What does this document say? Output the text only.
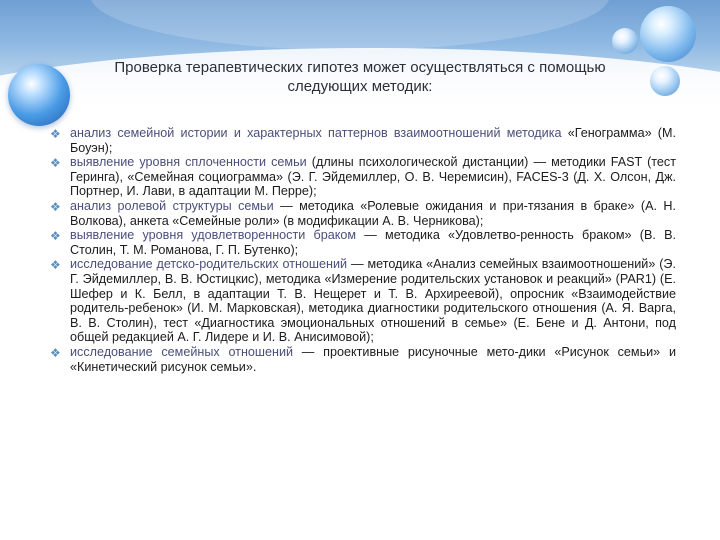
Проверка терапевтических гипотез может осуществляться с помощью следующих методик:
❖ анализ семейной истории и характерных паттернов взаимоотношений методика «Генограмма» (М. Боуэн);
❖ выявление уровня сплоченности семьи (длины психологической дистанции) — методики FAST (тест Геринга), «Семейная социограмма» (Э. Г. Эйдемиллер, О. В. Черемисин), FACES-3 (Д. Х. Олсон, Дж. Портнер, И. Лави, в адаптации М. Перре);
❖ анализ ролевой структуры семьи — методика «Ролевые ожидания и при-тязания в браке» (А. Н. Волкова), анкета «Семейные роли» (в модификации А. В. Черникова);
❖ выявление уровня удовлетворенности браком — методика «Удовлетво-ренность браком» (В. В. Столин, Т. М. Романова, Г. П. Бутенко);
❖ исследование детско-родительских отношений — методика «Анализ семейных взаимоотношений» (Э. Г. Эйдемиллер, В. В. Юстицкис), методика «Измерение родительских установок и реакций» (PAR1) (Е. Шефер и К. Белл, в адаптации Т. В. Нещерет и Т. В. Архиреевой), опросник «Взаимодействие родитель-ребенок» (И. М. Марковская), методика диагностики родительского отношения (А. Я. Варга, В. В. Столин), тест «Диагностика эмоциональных отношений в семье» (Е. Бене и Д. Антони, под общей редакцией А. Г. Лидере и И. В. Анисимовой);
❖ исследование семейных отношений — проективные рисуночные мето-дики «Рисунок семьи» и «Кинетический рисунок семьи».
